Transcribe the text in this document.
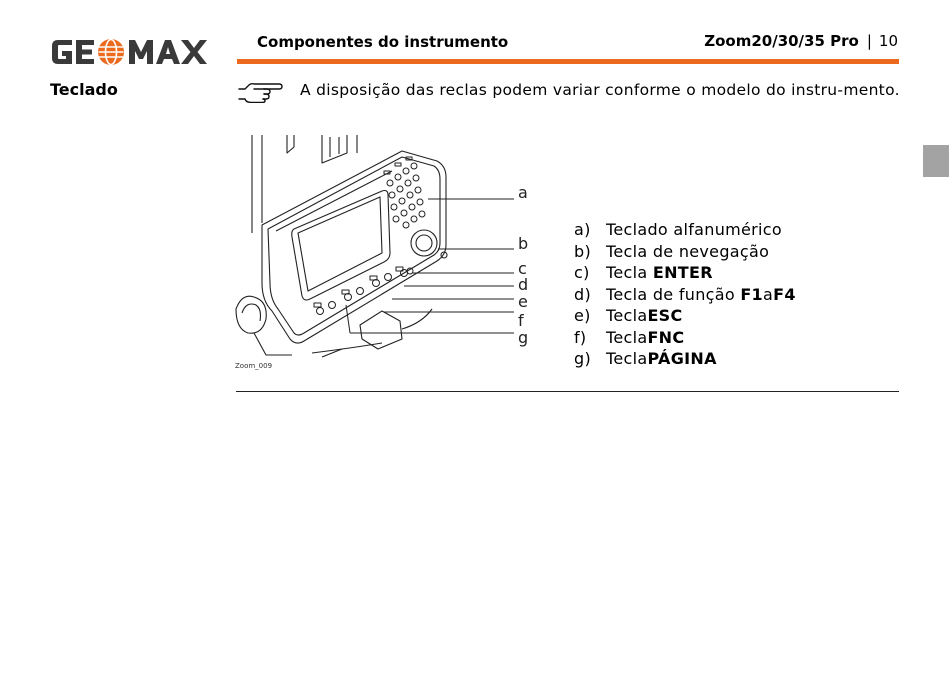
GEOMAX	Componentes do instrumento	Zoom20/30/35 Pro | 10
Teclado	A disposição das reclas podem variar conforme o modelo do instru-mento.

a
b
c
d
e
f
g
Zoom_009
a) Teclado alfanumérico
b) Tecla de nevegação
c) Tecla ENTER
d) Tecla de função F1aF4
e) TeclaESC
f) TeclaFNC
g) TeclaPÁGINA
